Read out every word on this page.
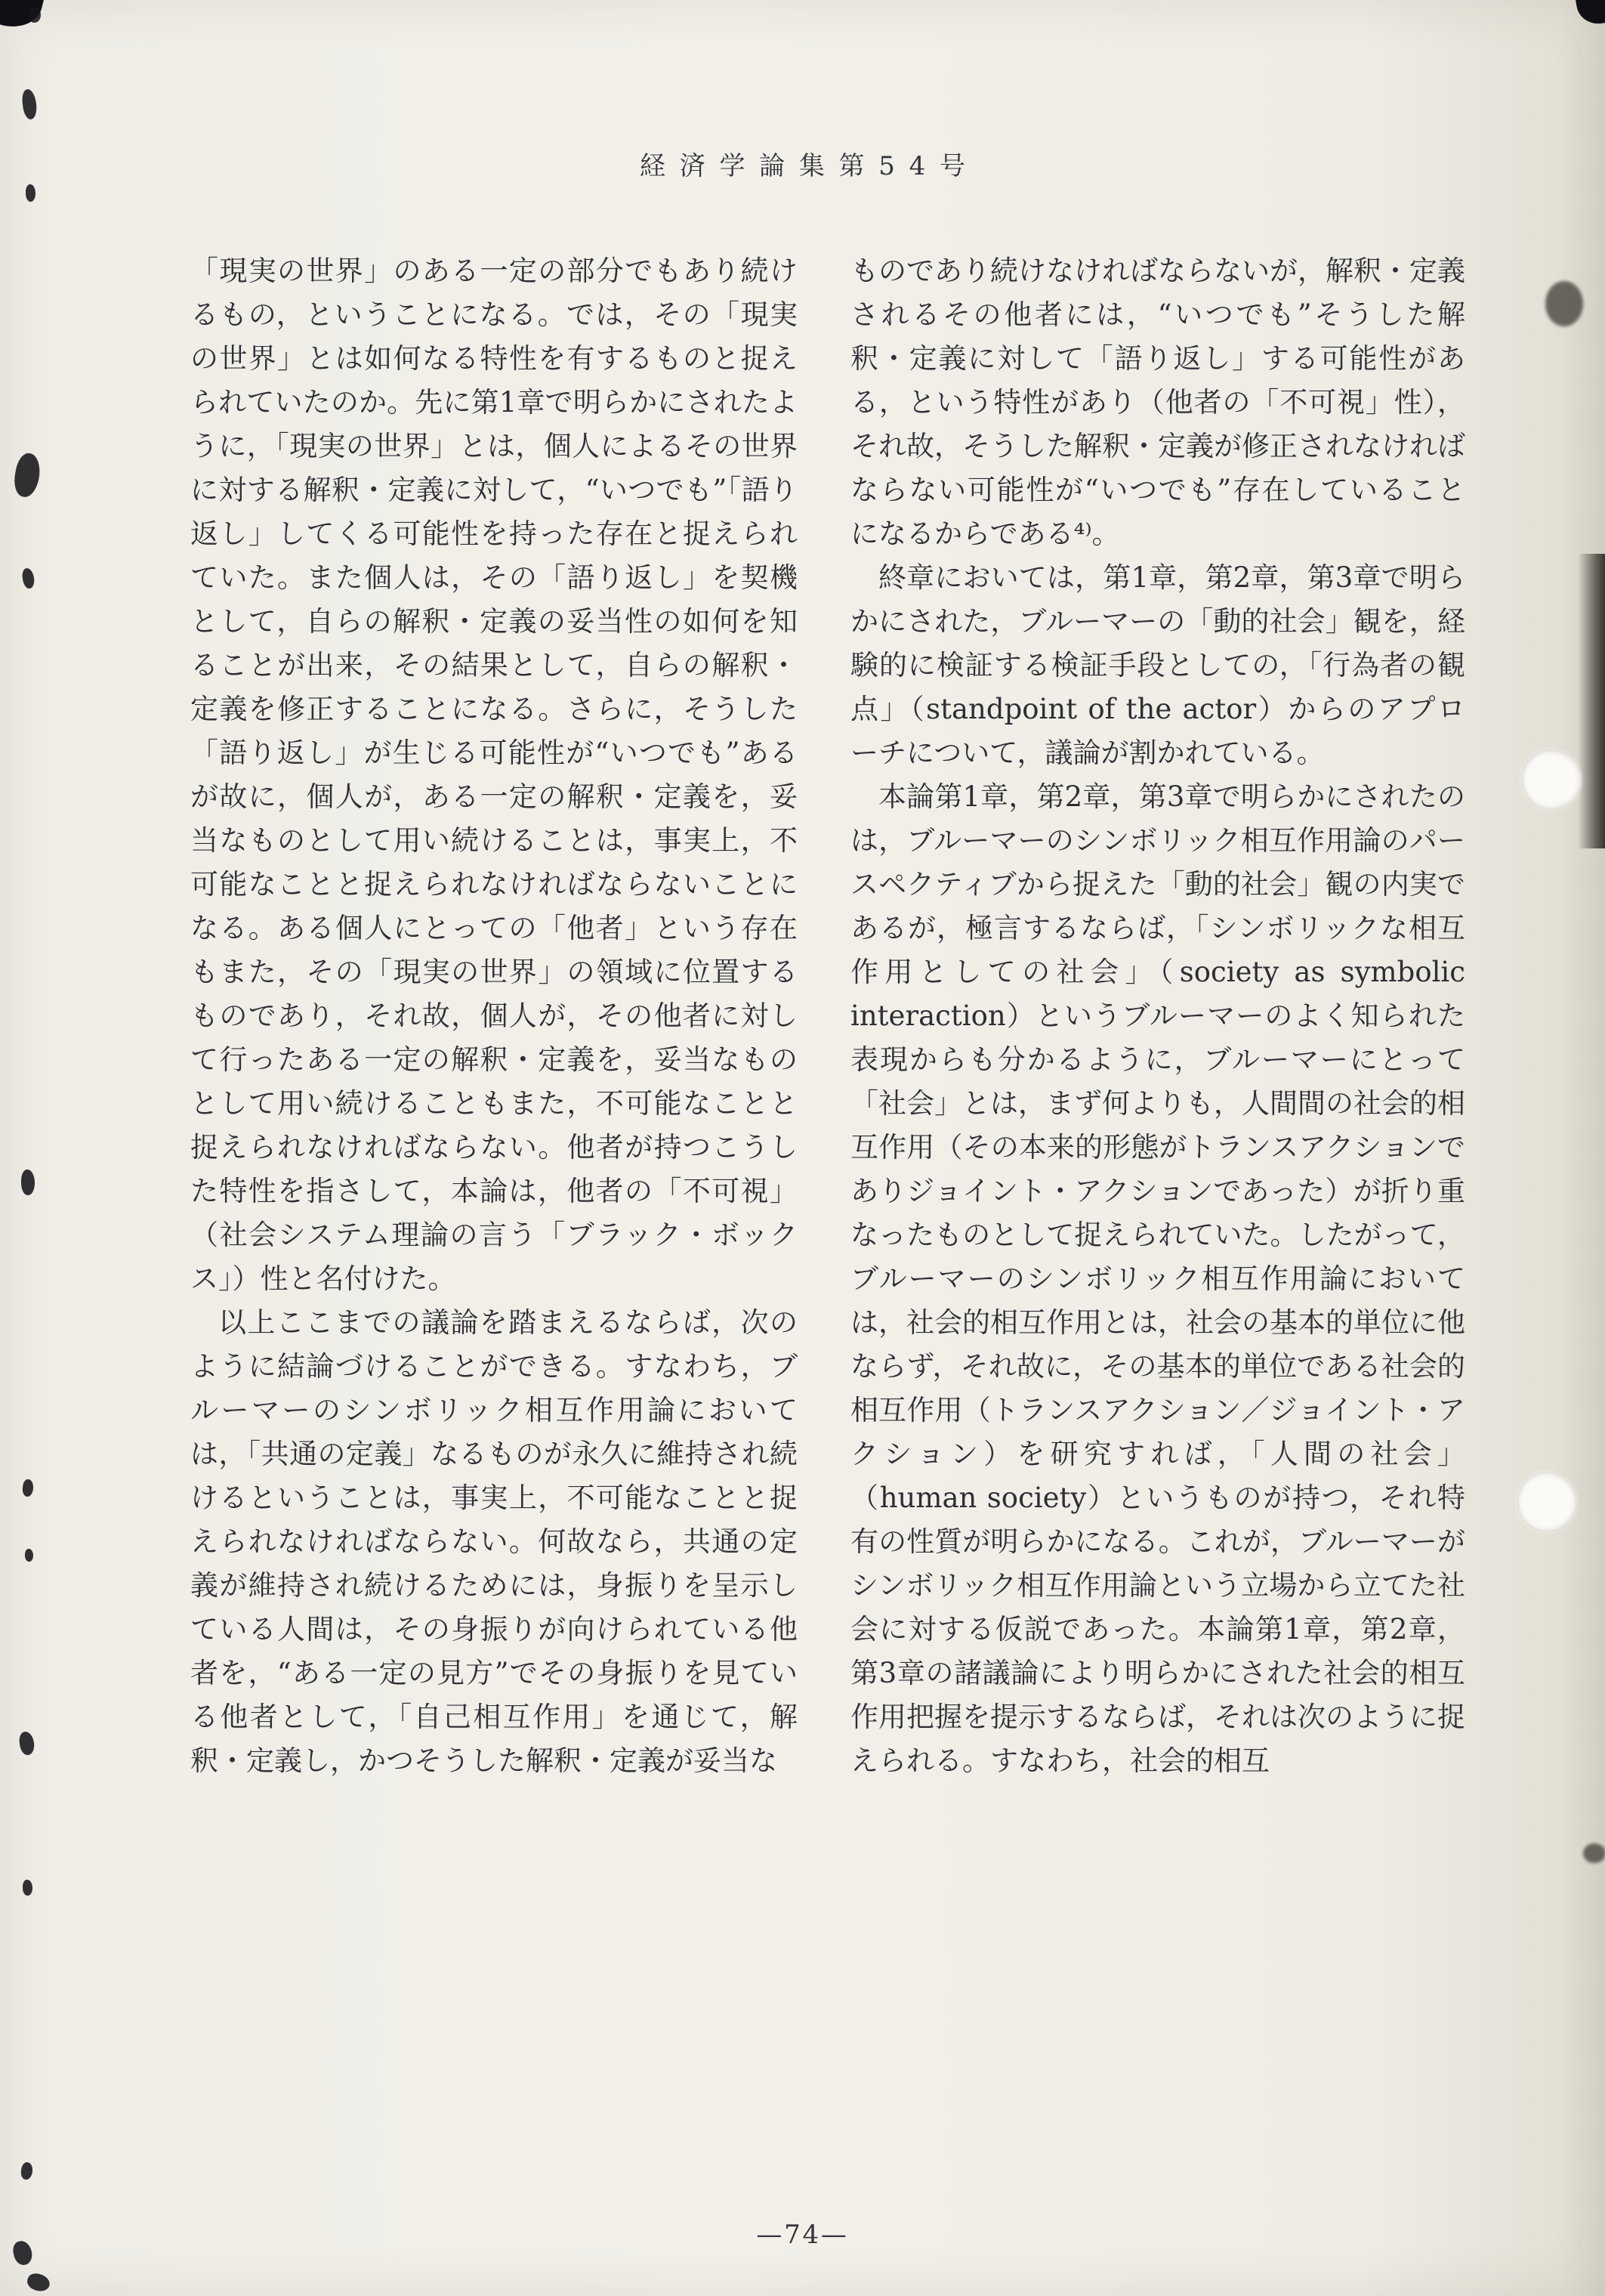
経済学論集第54号

「現実の世界」のある一定の部分でもあり続けるもの，ということになる。では，その「現実の世界」とは如何なる特性を有するものと捉えられていたのか。先に第1章で明らかにされたように，「現実の世界」とは，個人によるその世界に対する解釈・定義に対して，“いつでも”「語り返し」してくる可能性を持った存在と捉えられていた。また個人は，その「語り返し」を契機として，自らの解釈・定義の妥当性の如何を知ることが出来，その結果として，自らの解釈・定義を修正することになる。さらに，そうした「語り返し」が生じる可能性が“いつでも”あるが故に，個人が，ある一定の解釈・定義を，妥当なものとして用い続けることは，事実上，不可能なことと捉えられなければならないことになる。ある個人にとっての「他者」という存在もまた，その「現実の世界」の領域に位置するものであり，それ故，個人が，その他者に対して行ったある一定の解釈・定義を，妥当なものとして用い続けることもまた，不可能なことと捉えられなければならない。他者が持つこうした特性を指さして，本論は，他者の「不可視」（社会システム理論の言う「ブラック・ボックス」）性と名付けた。

以上ここまでの議論を踏まえるならば，次のように結論づけることができる。すなわち，ブルーマーのシンボリック相互作用論においては，「共通の定義」なるものが永久に維持され続けるということは，事実上，不可能なことと捉えられなければならない。何故なら，共通の定義が維持され続けるためには，身振りを呈示している人間は，その身振りが向けられている他者を，“ある一定の見方”でその身振りを見ている他者として，「自己相互作用」を通じて，解釈・定義し，かつそうした解釈・定義が妥当な

ものであり続けなければならないが，解釈・定義されるその他者には，“いつでも”そうした解釈・定義に対して「語り返し」する可能性がある，という特性があり（他者の「不可視」性），それ故，そうした解釈・定義が修正されなければならない可能性が“いつでも”存在していることになるからである⁴⁾。

終章においては，第1章，第2章，第3章で明らかにされた，ブルーマーの「動的社会」観を，経験的に検証する検証手段としての，「行為者の観点」（standpoint of the actor）からのアプローチについて，議論が割かれている。

本論第1章，第2章，第3章で明らかにされたのは，ブルーマーのシンボリック相互作用論のパースペクティブから捉えた「動的社会」観の内実であるが，極言するならば，「シンボリックな相互作用としての社会」（society as symbolic interaction）というブルーマーのよく知られた表現からも分かるように，ブルーマーにとって「社会」とは，まず何よりも，人間間の社会的相互作用（その本来的形態がトランスアクションでありジョイント・アクションであった）が折り重なったものとして捉えられていた。したがって，ブルーマーのシンボリック相互作用論においては，社会的相互作用とは，社会の基本的単位に他ならず，それ故に，その基本的単位である社会的相互作用（トランスアクション／ジョイント・アクション）を研究すれば，「人間の社会」（human society）というものが持つ，それ特有の性質が明らかになる。これが，ブルーマーがシンボリック相互作用論という立場から立てた社会に対する仮説であった。本論第1章，第2章，第3章の諸議論により明らかにされた社会的相互作用把握を提示するならば，それは次のように捉えられる。すなわち，社会的相互

—74—
